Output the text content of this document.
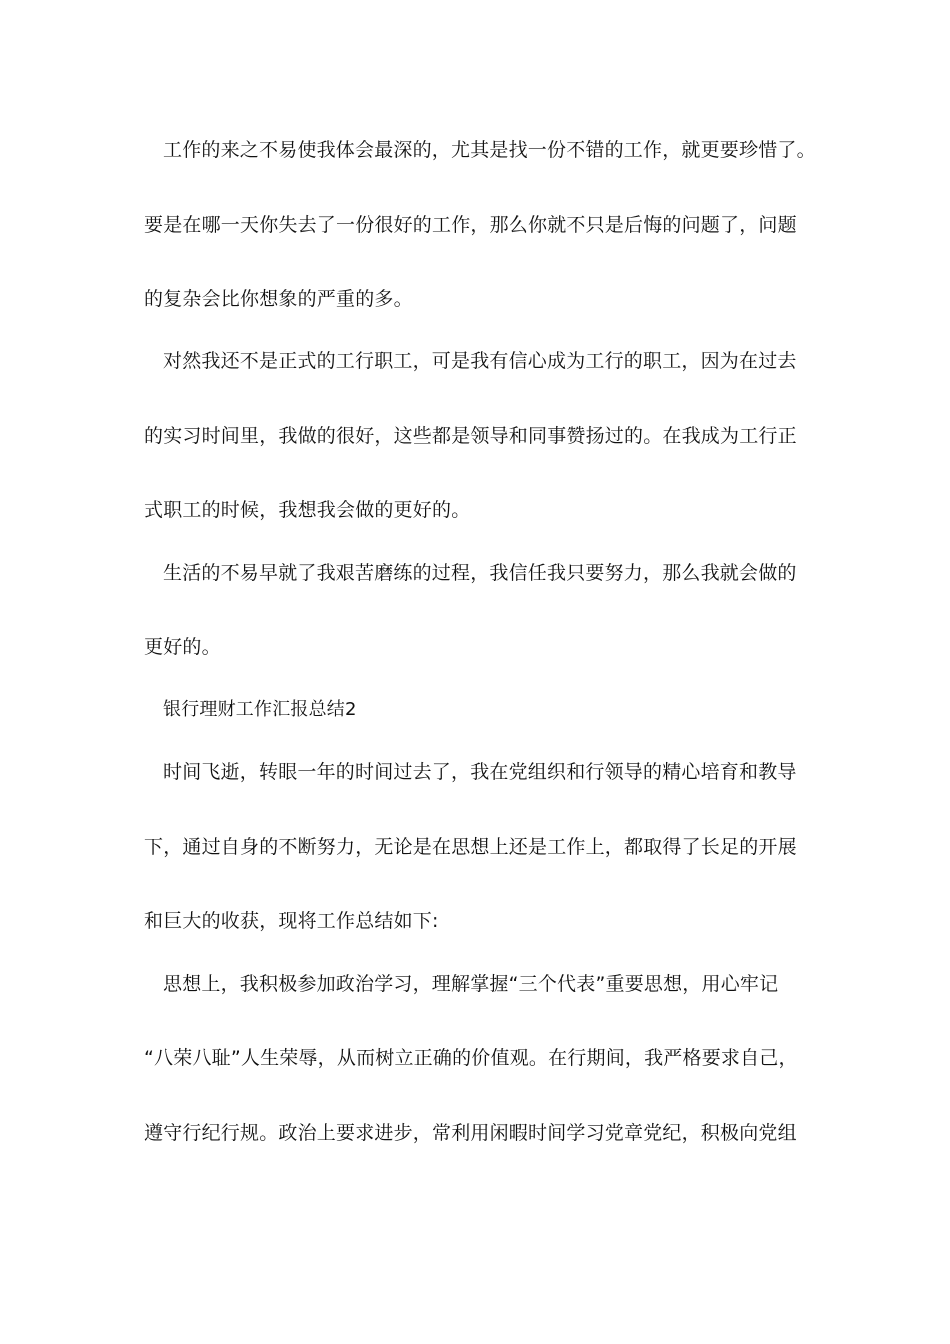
工作的来之不易使我体会最深的，尤其是找一份不错的工作，就更要珍惜了。
要是在哪一天你失去了一份很好的工作，那么你就不只是后悔的问题了，问题
的复杂会比你想象的严重的多。
对然我还不是正式的工行职工，可是我有信心成为工行的职工，因为在过去
的实习时间里，我做的很好，这些都是领导和同事赞扬过的。在我成为工行正
式职工的时候，我想我会做的更好的。
生活的不易早就了我艰苦磨练的过程，我信任我只要努力，那么我就会做的
更好的。
银行理财工作汇报总结2
时间飞逝，转眼一年的时间过去了，我在党组织和行领导的精心培育和教导
下，通过自身的不断努力，无论是在思想上还是工作上，都取得了长足的开展
和巨大的收获，现将工作总结如下:
思想上，我积极参加政治学习，理解掌握“三个代表”重要思想，用心牢记
“八荣八耻”人生荣辱，从而树立正确的价值观。在行期间，我严格要求自己，
遵守行纪行规。政治上要求进步，常利用闲暇时间学习党章党纪，积极向党组
